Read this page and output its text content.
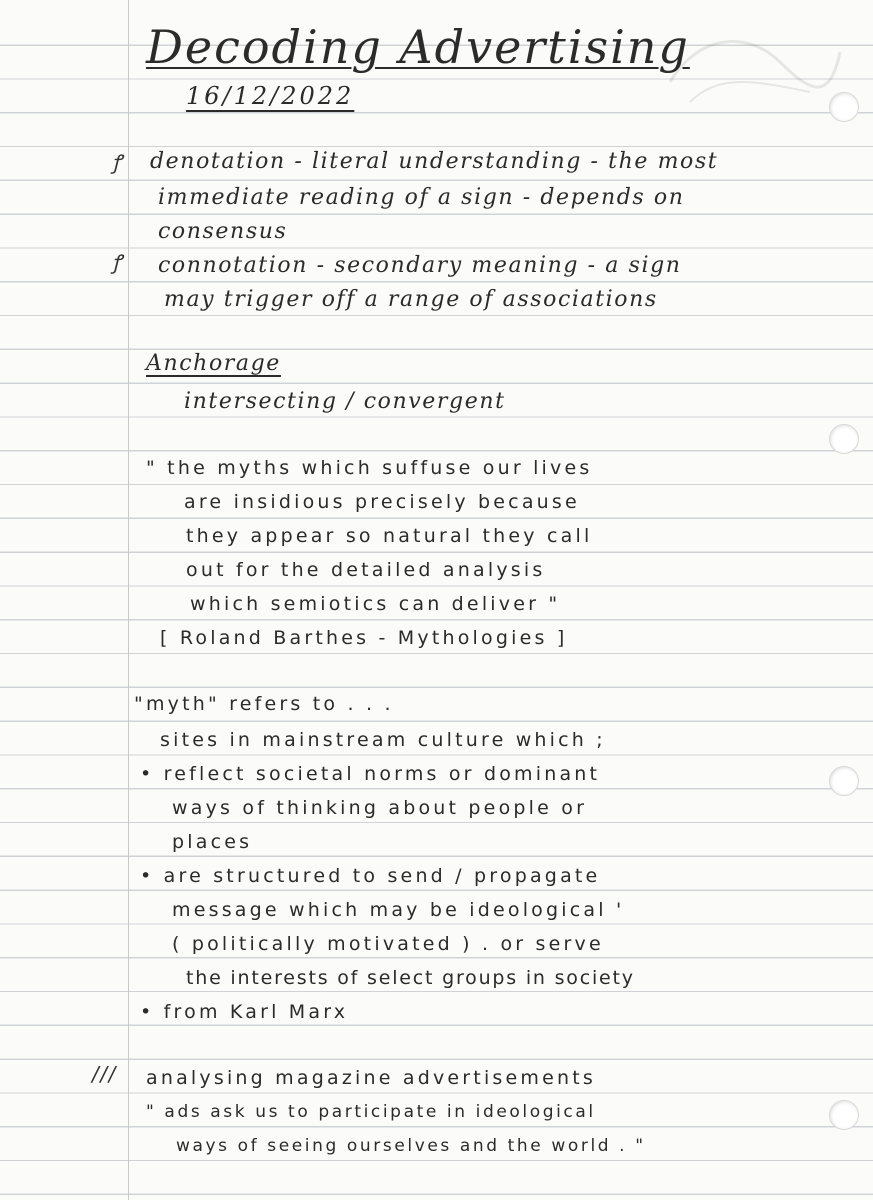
Decoding Advertising

16/12/2022

ꝭ
ꝭ
///

denotation - literal understanding - the most

immediate reading of a sign - depends on

consensus

connotation - secondary meaning - a sign

may trigger off a range of associations

Anchorage

intersecting / convergent

" the myths which suffuse our lives

are insidious precisely because

they appear so natural they call

out for the detailed analysis

which semiotics can deliver "

[ Roland Barthes - Mythologies ]

"myth" refers to . . .

sites in mainstream culture which ;

• reflect societal norms or dominant

ways of thinking about people or

places

• are structured to send / propagate

message which may be ideological '

( politically motivated ) . or serve

the interests of select groups in society

• from Karl Marx

analysing magazine advertisements

" ads ask us to participate in ideological

ways of seeing ourselves and the world . "
